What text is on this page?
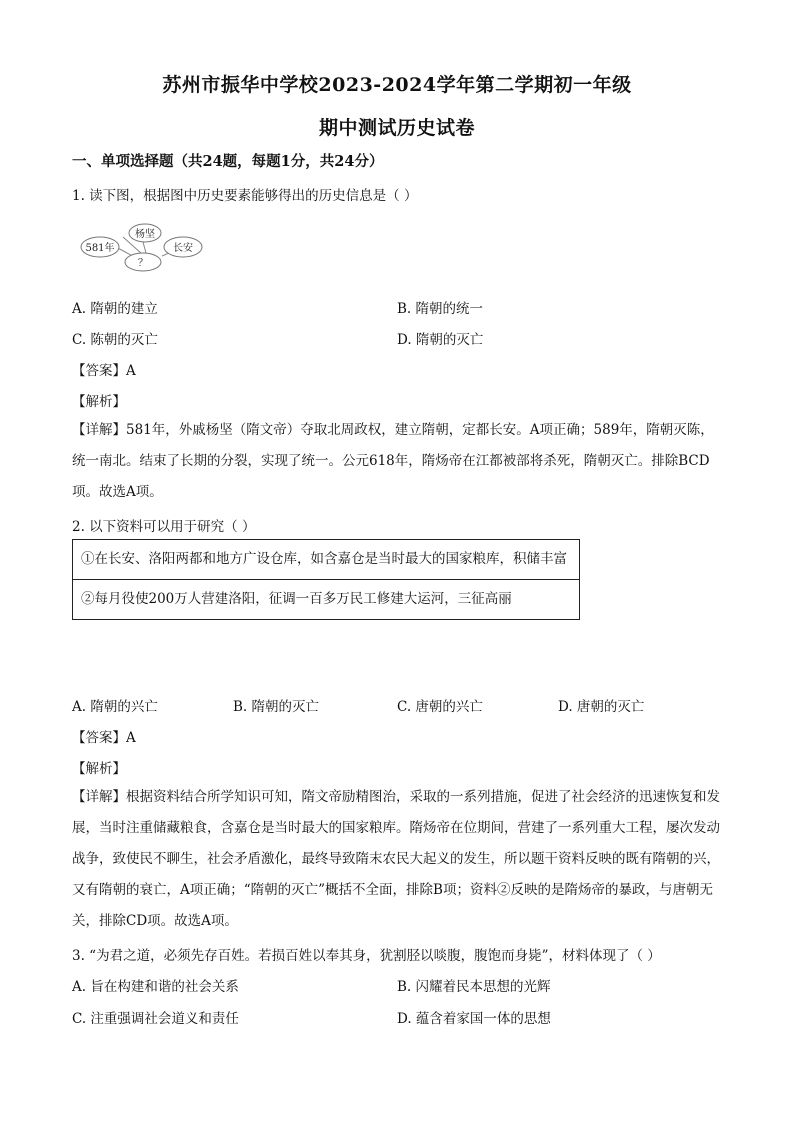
苏州市振华中学校2023-2024学年第二学期初一年级
期中测试历史试卷
一、单项选择题（共24题，每题1分，共24分）
1. 读下图，根据图中历史要素能够得出的历史信息是（ ）
581年
杨坚
？
长安
A. 隋朝的建立	B. 隋朝的统一
C. 陈朝的灭亡	D. 隋朝的灭亡
【答案】A
【解析】
【详解】581年，外戚杨坚（隋文帝）夺取北周政权，建立隋朝，定都长安。A项正确；589年，隋朝灭陈，统一南北。结束了长期的分裂，实现了统一。公元618年，隋炀帝在江都被部将杀死，隋朝灭亡。排除BCD项。故选A项。
2. 以下资料可以用于研究（ ）
①在长安、洛阳两都和地方广设仓库，如含嘉仓是当时最大的国家粮库，积储丰富
②每月役使200万人营建洛阳，征调一百多万民工修建大运河，三征高丽
A. 隋朝的兴亡	B. 隋朝的灭亡	C. 唐朝的兴亡	D. 唐朝的灭亡
【答案】A
【解析】
【详解】根据资料结合所学知识可知，隋文帝励精图治，采取的一系列措施，促进了社会经济的迅速恢复和发展，当时注重储藏粮食，含嘉仓是当时最大的国家粮库。隋炀帝在位期间，营建了一系列重大工程，屡次发动战争，致使民不聊生，社会矛盾激化，最终导致隋末农民大起义的发生，所以题干资料反映的既有隋朝的兴，又有隋朝的衰亡，A项正确；“隋朝的灭亡”概括不全面，排除B项；资料②反映的是隋炀帝的暴政，与唐朝无关，排除CD项。故选A项。
3. “为君之道，必须先存百姓。若损百姓以奉其身，犹割胫以啖腹，腹饱而身毙”，材料体现了（ ）
A. 旨在构建和谐的社会关系	B. 闪耀着民本思想的光辉
C. 注重强调社会道义和责任	D. 蕴含着家国一体的思想
